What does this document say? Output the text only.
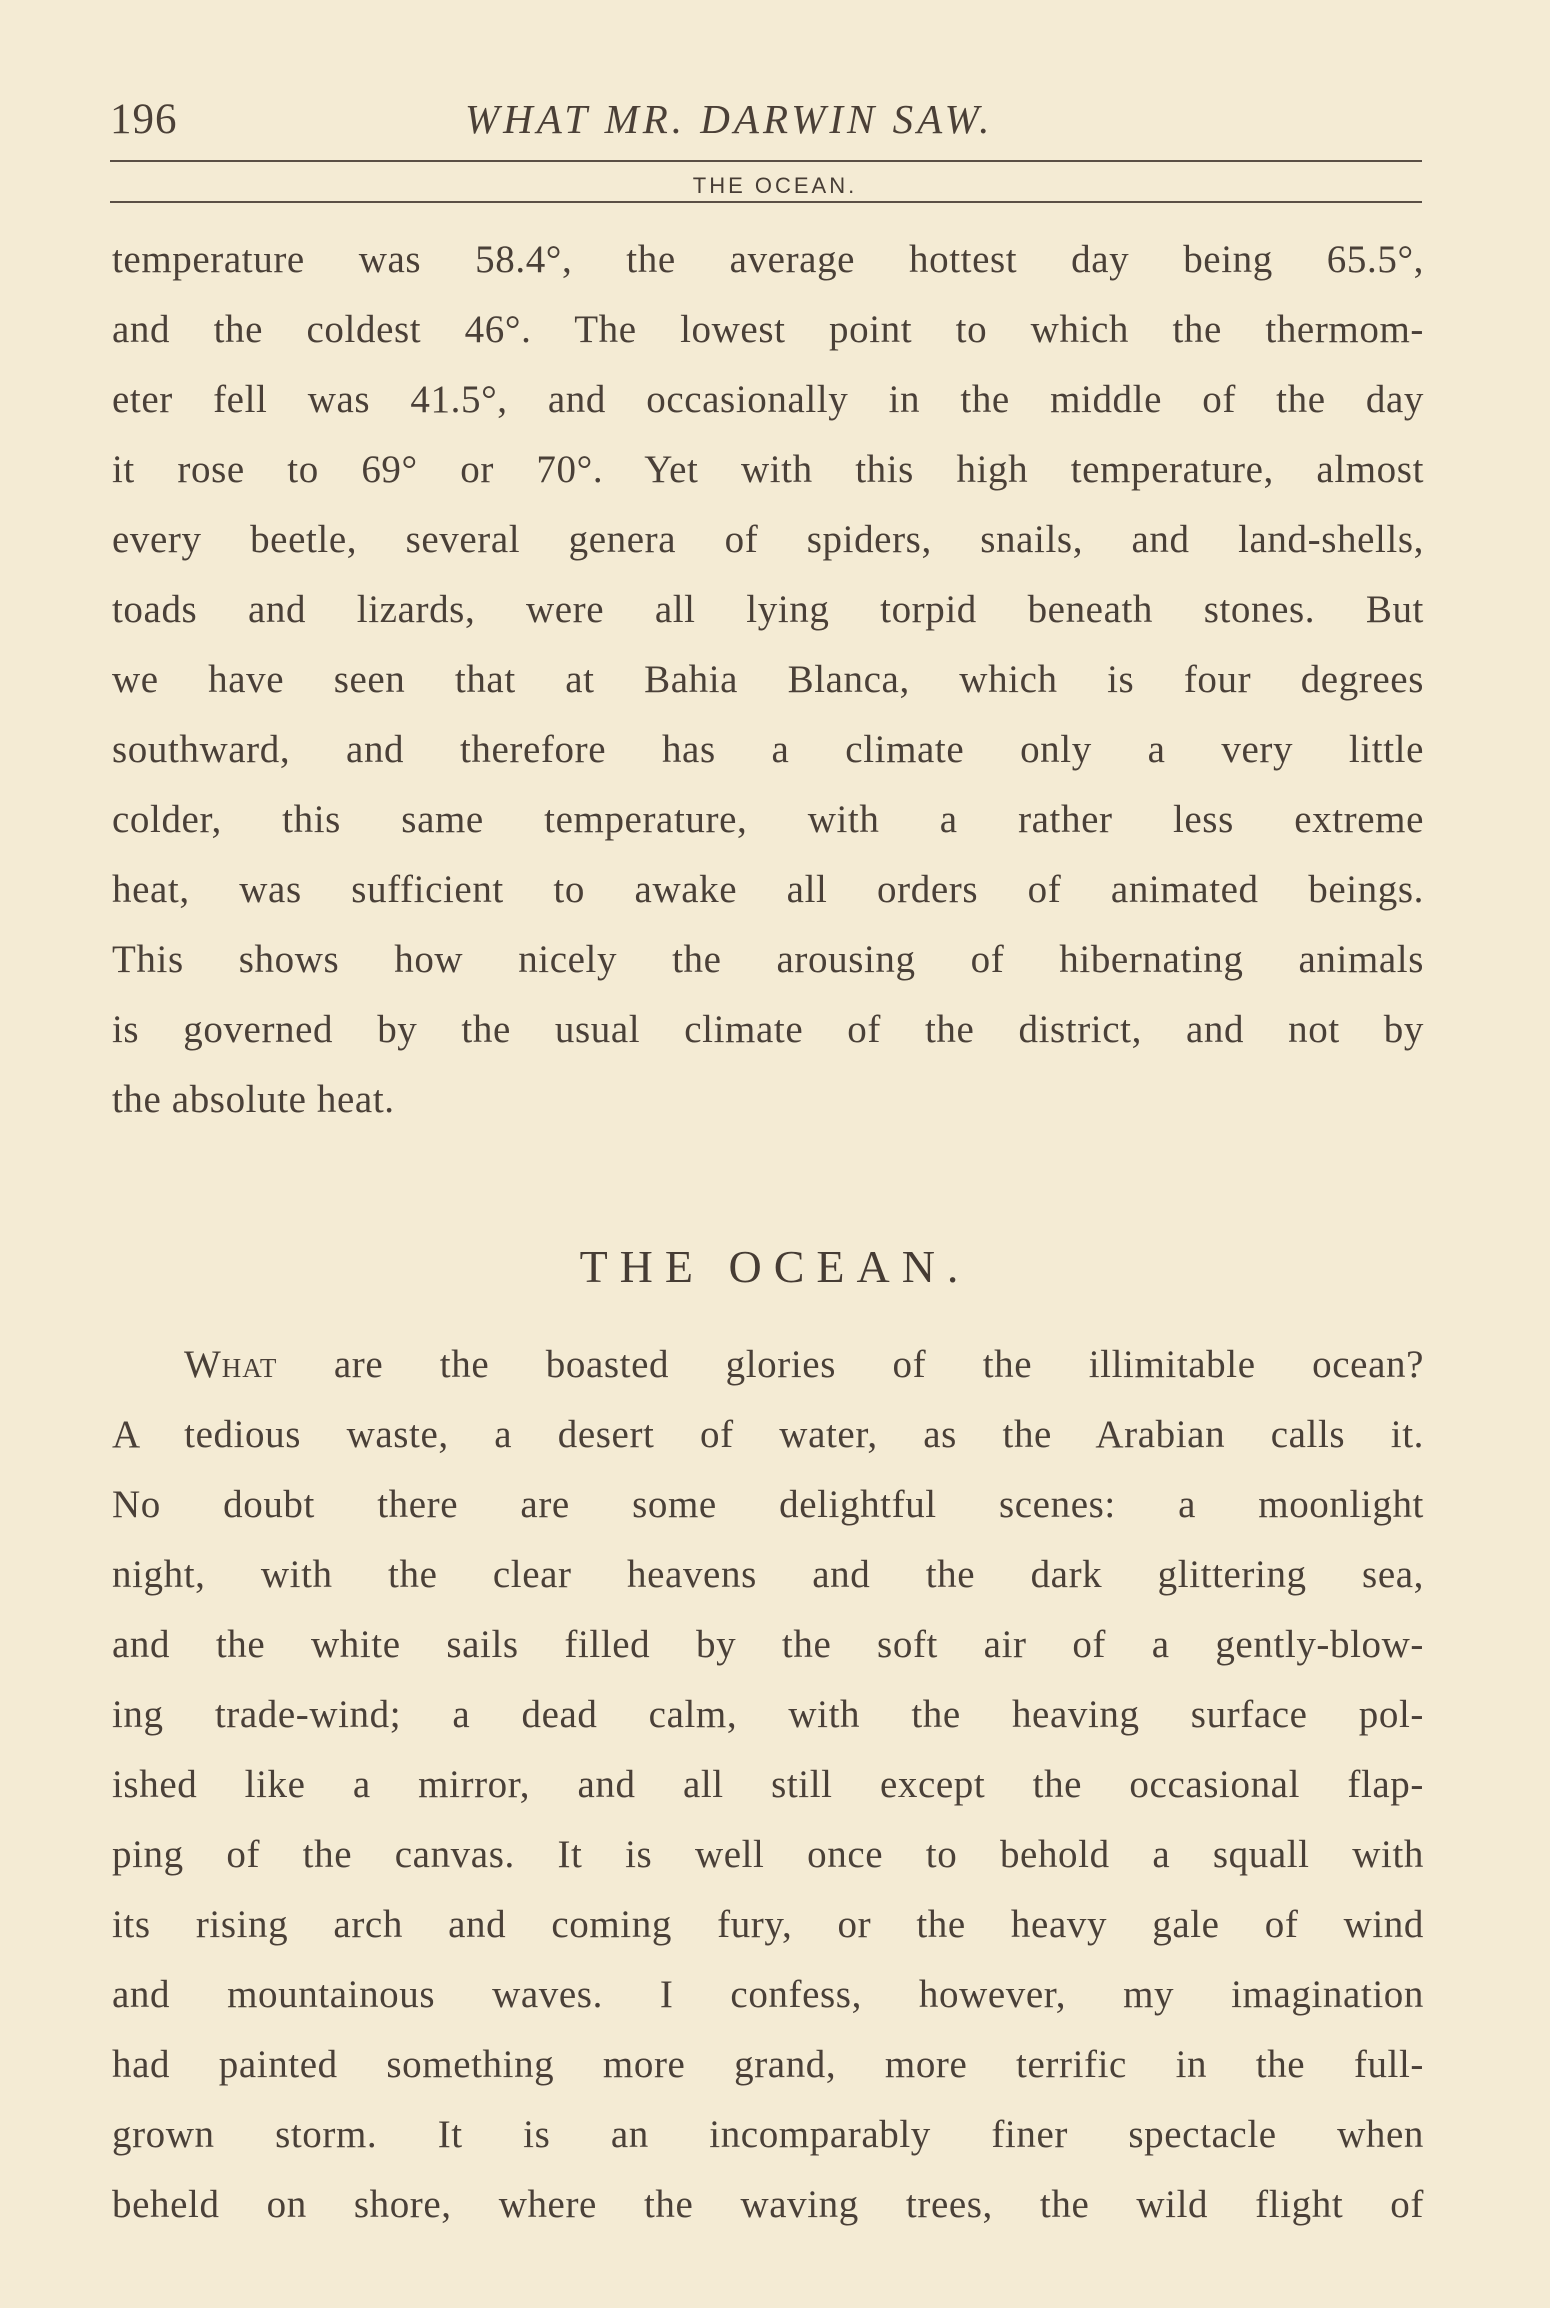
196	WHAT MR. DARWIN SAW.
THE OCEAN.
temperature was 58.4°, the average hottest day being 65.5°,
and the coldest 46°. The lowest point to which the thermom-
eter fell was 41.5°, and occasionally in the middle of the day
it rose to 69° or 70°. Yet with this high temperature, almost
every beetle, several genera of spiders, snails, and land-shells,
toads and lizards, were all lying torpid beneath stones. But
we have seen that at Bahia Blanca, which is four degrees
southward, and therefore has a climate only a very little
colder, this same temperature, with a rather less extreme
heat, was sufficient to awake all orders of animated beings.
This shows how nicely the arousing of hibernating animals
is governed by the usual climate of the district, and not by
the absolute heat.
THE OCEAN.
What are the boasted glories of the illimitable ocean?
A tedious waste, a desert of water, as the Arabian calls it.
No doubt there are some delightful scenes: a moonlight
night, with the clear heavens and the dark glittering sea,
and the white sails filled by the soft air of a gently-blow-
ing trade-wind; a dead calm, with the heaving surface pol-
ished like a mirror, and all still except the occasional flap-
ping of the canvas. It is well once to behold a squall with
its rising arch and coming fury, or the heavy gale of wind
and mountainous waves. I confess, however, my imagination
had painted something more grand, more terrific in the full-
grown storm. It is an incomparably finer spectacle when
beheld on shore, where the waving trees, the wild flight of
